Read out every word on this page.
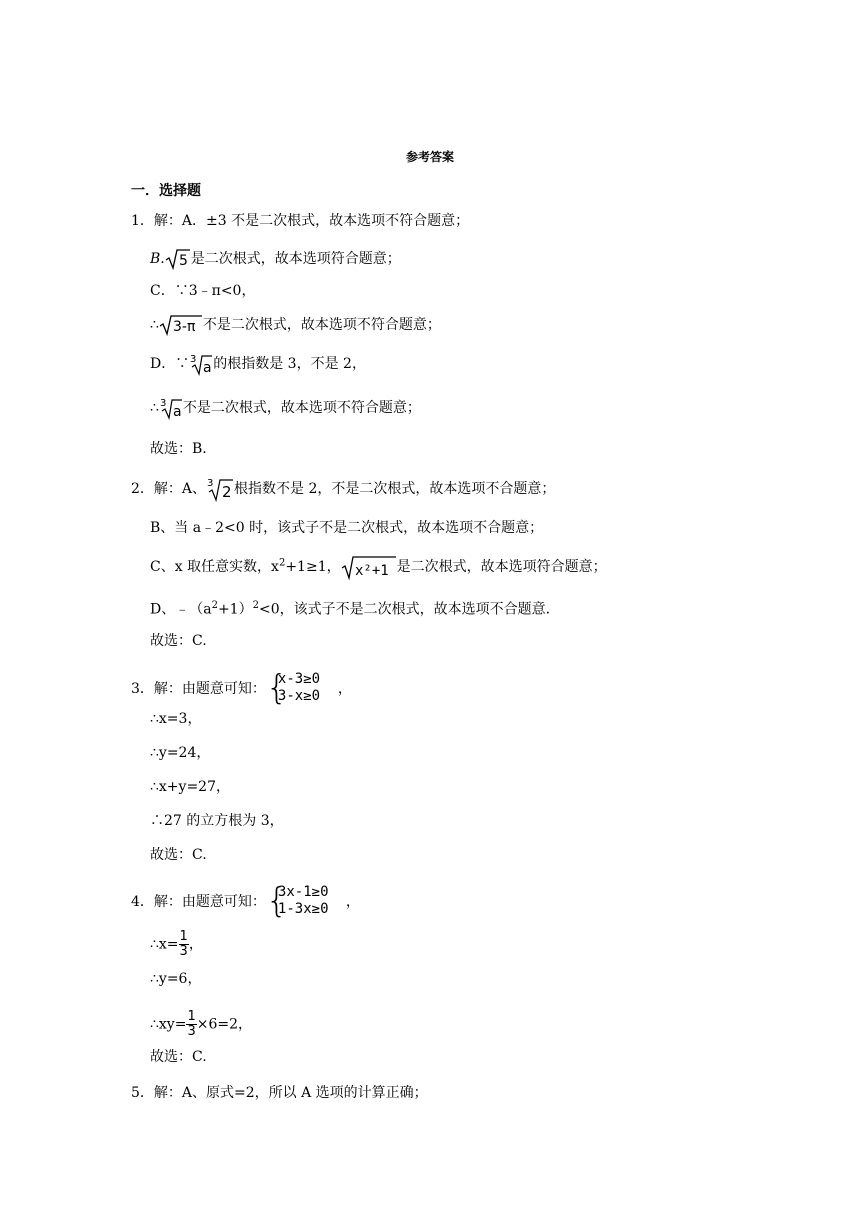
参考答案
一．选择题
1．解：A．±3 不是二次根式，故本选项不符合题意；
B. 5 是二次根式，故本选项符合题意；
C．∵3﹣π<0，
∴ 3-π 不是二次根式，故本选项不符合题意；
D．∵ 3
a 的根指数是 3，不是 2，
∴ 3
a 不是二次根式，故本选项不符合题意；
故选：B.
2．解：A、 3 2 根指数不是 2，不是二次根式，故本选项不合题意；
B、当 a﹣2<0 时，该式子不是二次根式，故本选项不合题意；
C、x 取任意实数，$x^2+1\ge 1$， x²+1 是二次根式，故本选项符合题意；
D、$﹣(a^2+1)^2<0$，该式子不是二次根式，故本选项不合题意.
故选：C.
3．解：由题意可知： {
x-3≥0
3-x≥0 ，
∴x=3，
∴y=24，
∴x+y=27，
∴27 的立方根为 3，
故选：C.
4．解：由题意可知： {
3x-1≥0
1-3x≥0 ，
∴x= $\frac{1}{3}$ ，
∴y=6，
∴xy= $\frac{1}{3} \times 6=2$，
故选：C.
5．解：A、原式=2，所以 A 选项的计算正确；
